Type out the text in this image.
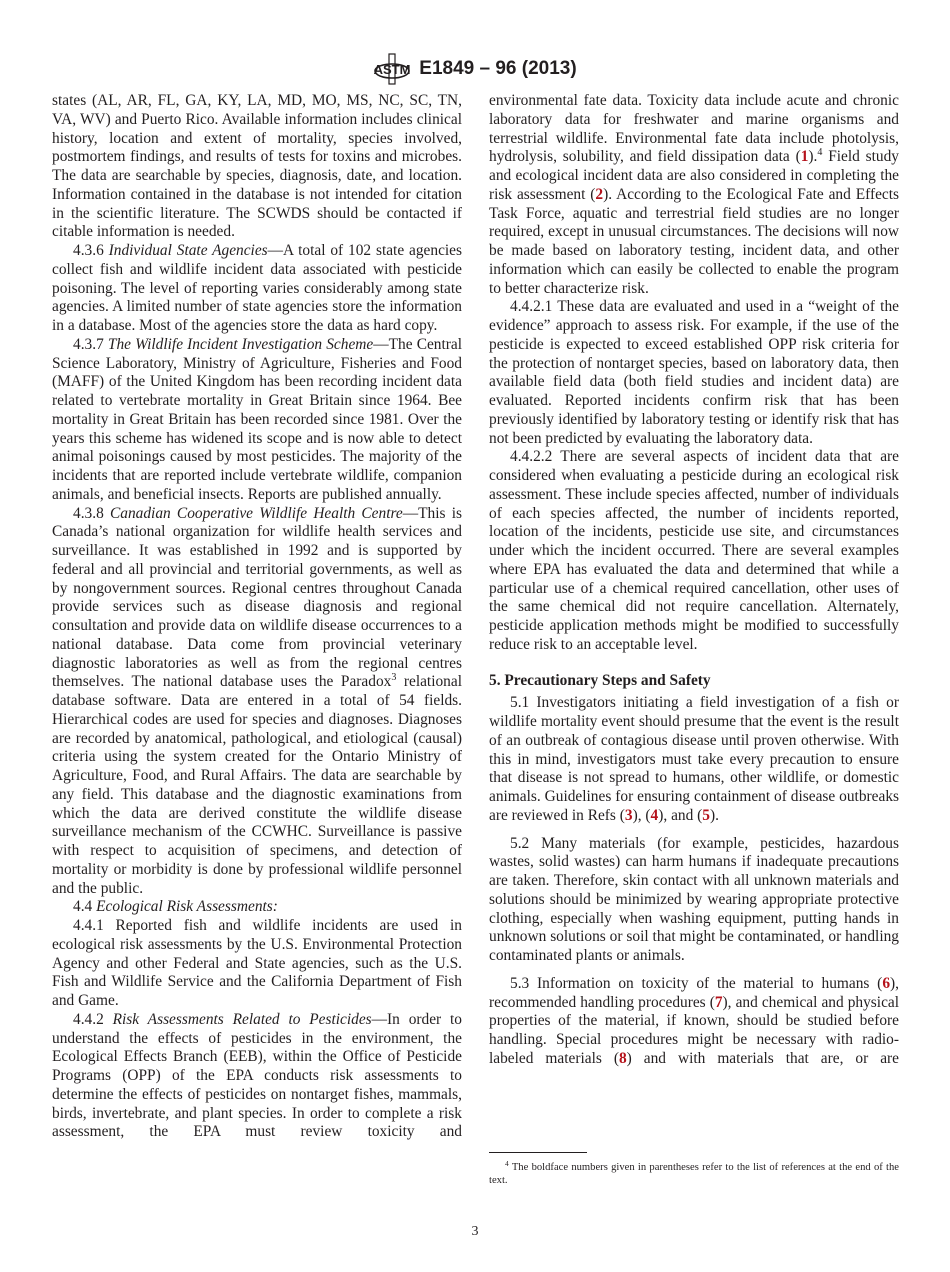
ASTM E1849 – 96 (2013)

states (AL, AR, FL, GA, KY, LA, MD, MO, MS, NC, SC, TN, VA, WV) and Puerto Rico. Available information includes clinical history, location and extent of mortality, species involved, postmortem findings, and results of tests for toxins and microbes. The data are searchable by species, diagnosis, date, and location. Information contained in the database is not intended for citation in the scientific literature. The SCWDS should be contacted if citable information is needed.

4.3.6 Individual State Agencies—A total of 102 state agencies collect fish and wildlife incident data associated with pesticide poisoning. The level of reporting varies considerably among state agencies. A limited number of state agencies store the information in a database. Most of the agencies store the data as hard copy.

4.3.7 The Wildlife Incident Investigation Scheme—The Central Science Laboratory, Ministry of Agriculture, Fisheries and Food (MAFF) of the United Kingdom has been recording incident data related to vertebrate mortality in Great Britain since 1964. Bee mortality in Great Britain has been recorded since 1981. Over the years this scheme has widened its scope and is now able to detect animal poisonings caused by most pesticides. The majority of the incidents that are reported include vertebrate wildlife, companion animals, and beneficial insects. Reports are published annually.

4.3.8 Canadian Cooperative Wildlife Health Centre—This is Canada’s national organization for wildlife health services and surveillance. It was established in 1992 and is supported by federal and all provincial and territorial governments, as well as by nongovernment sources. Regional centres throughout Canada provide services such as disease diagnosis and regional consultation and provide data on wildlife disease occurrences to a national database. Data come from provincial veterinary diagnostic laboratories as well as from the regional centres themselves. The national database uses the Paradox$^3$ relational database software. Data are entered in a total of 54 fields. Hierarchical codes are used for species and diagnoses. Diagnoses are recorded by anatomical, pathological, and etiological (causal) criteria using the system created for the Ontario Ministry of Agriculture, Food, and Rural Affairs. The data are searchable by any field. This database and the diagnostic examinations from which the data are derived constitute the wildlife disease surveillance mechanism of the CCWHC. Surveillance is passive with respect to acquisition of specimens, and detection of mortality or morbidity is done by professional wildlife personnel and the public.

4.4 Ecological Risk Assessments:

4.4.1 Reported fish and wildlife incidents are used in ecological risk assessments by the U.S. Environmental Protection Agency and other Federal and State agencies, such as the U.S. Fish and Wildlife Service and the California Department of Fish and Game.

4.4.2 Risk Assessments Related to Pesticides—In order to understand the effects of pesticides in the environment, the Ecological Effects Branch (EEB), within the Office of Pesticide Programs (OPP) of the EPA conducts risk assessments to determine the effects of pesticides on nontarget fishes, mammals, birds, invertebrate, and plant species. In order to complete a risk assessment, the EPA must review toxicity and

environmental fate data. Toxicity data include acute and chronic laboratory data for freshwater and marine organisms and terrestrial wildlife. Environmental fate data include photolysis, hydrolysis, solubility, and field dissipation data (1).$^4$ Field study and ecological incident data are also considered in completing the risk assessment (2). According to the Ecological Fate and Effects Task Force, aquatic and terrestrial field studies are no longer required, except in unusual circumstances. The decisions will now be made based on laboratory testing, incident data, and other information which can easily be collected to enable the program to better characterize risk.

4.4.2.1 These data are evaluated and used in a “weight of the evidence” approach to assess risk. For example, if the use of the pesticide is expected to exceed established OPP risk criteria for the protection of nontarget species, based on laboratory data, then available field data (both field studies and incident data) are evaluated. Reported incidents confirm risk that has been previously identified by laboratory testing or identify risk that has not been predicted by evaluating the laboratory data.

4.4.2.2 There are several aspects of incident data that are considered when evaluating a pesticide during an ecological risk assessment. These include species affected, number of individuals of each species affected, the number of incidents reported, location of the incidents, pesticide use site, and circumstances under which the incident occurred. There are several examples where EPA has evaluated the data and determined that while a particular use of a chemical required cancellation, other uses of the same chemical did not require cancellation. Alternately, pesticide application methods might be modified to successfully reduce risk to an acceptable level.

5. Precautionary Steps and Safety

5.1 Investigators initiating a field investigation of a fish or wildlife mortality event should presume that the event is the result of an outbreak of contagious disease until proven otherwise. With this in mind, investigators must take every precaution to ensure that disease is not spread to humans, other wildlife, or domestic animals. Guidelines for ensuring containment of disease outbreaks are reviewed in Refs (3), (4), and (5).

5.2 Many materials (for example, pesticides, hazardous wastes, solid wastes) can harm humans if inadequate precautions are taken. Therefore, skin contact with all unknown materials and solutions should be minimized by wearing appropriate protective clothing, especially when washing equipment, putting hands in unknown solutions or soil that might be contaminated, or handling contaminated plants or animals.

5.3 Information on toxicity of the material to humans (6), recommended handling procedures (7), and chemical and physical properties of the material, if known, should be studied before handling. Special procedures might be necessary with radio-labeled materials (8) and with materials that are, or are

$^4$ The boldface numbers given in parentheses refer to the list of references at the end of the text.
3
